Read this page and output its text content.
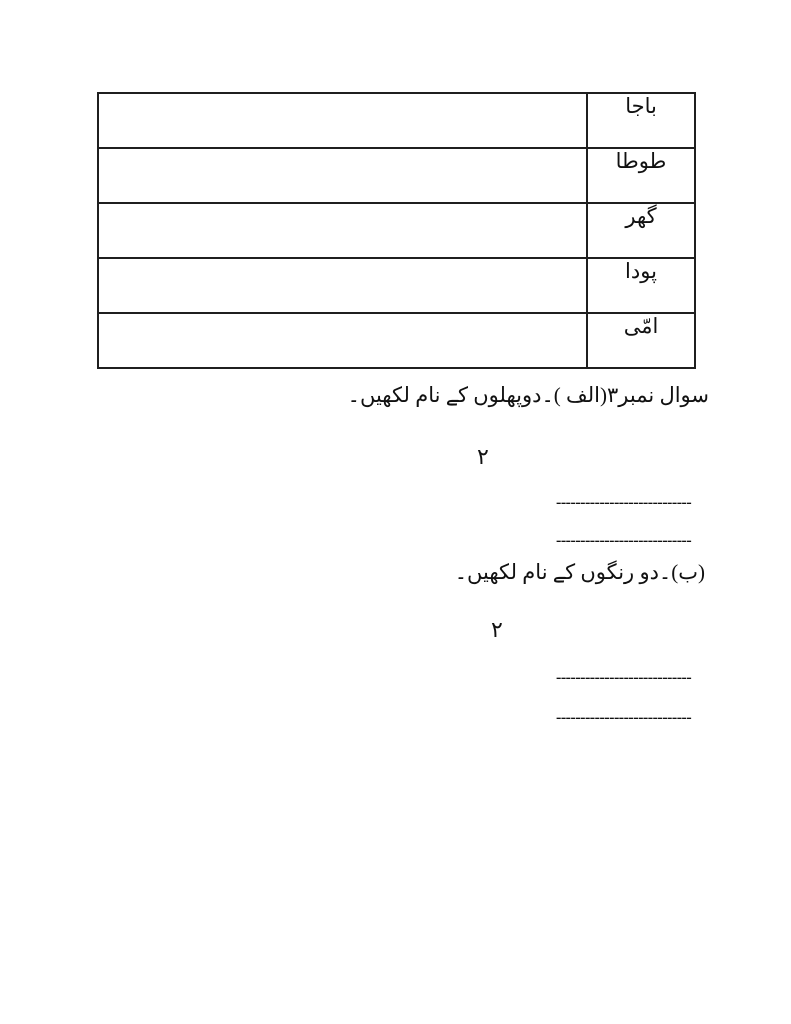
	باجا
	طوطا
	گھر
	پودا
	امّی
سوال نمبر۳(الف )۔دوپھلوں کے نام لکھیں۔
۲
----------------------------
----------------------------
(ب)۔دو رنگوں کے نام لکھیں۔
۲
----------------------------
----------------------------
